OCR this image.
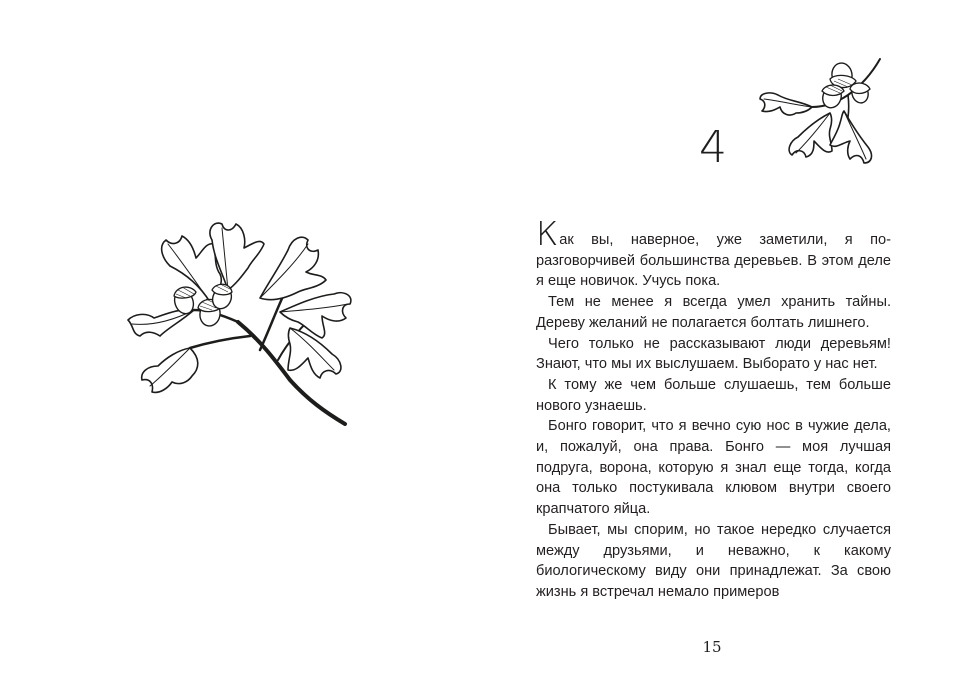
4

Как вы, наверное, уже заметили, я поразговорчивей большинства деревьев. В этом деле я еще новичок. Учусь пока.

Тем не менее я всегда умел хранить тайны. Дереву желаний не полагается болтать лишнего.

Чего только не рассказывают люди деревьям! Знают, что мы их выслушаем. Выборато у нас нет.

К тому же чем больше слушаешь, тем больше нового узнаешь.

Бонго говорит, что я вечно сую нос в чужие дела, и, пожалуй, она права. Бонго — моя лучшая подруга, ворона, которую я знал еще тогда, когда она только постукивала клювом внутри своего крапчатого яйца.

Бывает, мы спорим, но такое нередко случается между друзьями, и неважно, к какому биологическому виду они принадлежат. За свою жизнь я встречал немало примеров

15
